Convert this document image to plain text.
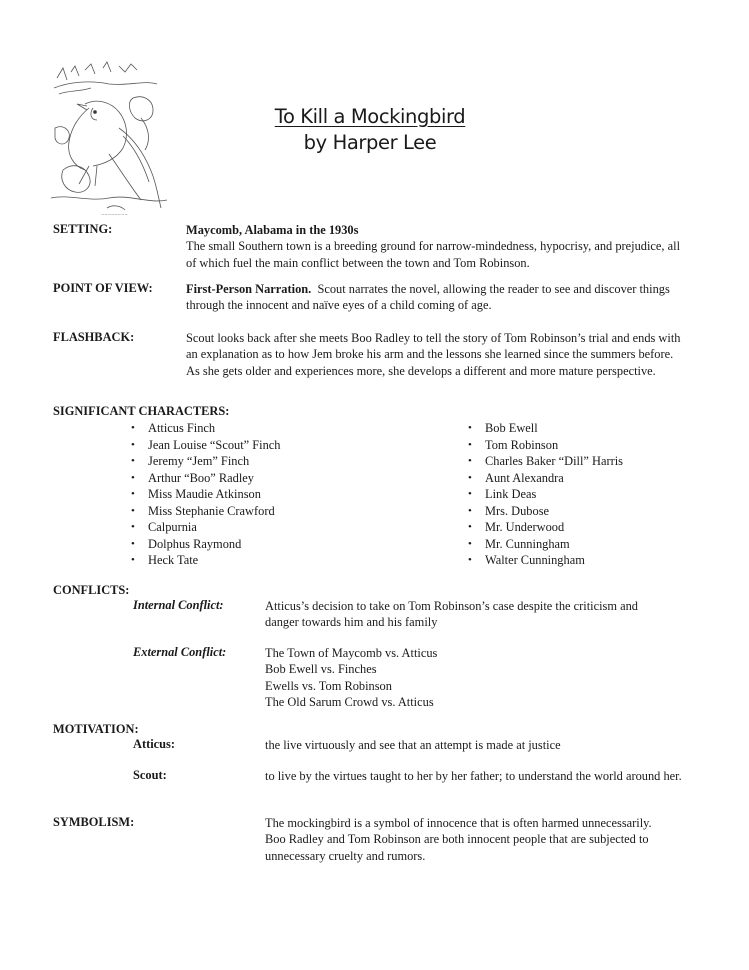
~~~~~~~~
To Kill a Mockingbird
by Harper Lee
SETTING:	Maycomb, Alabama in the 1930s
The small Southern town is a breeding ground for narrow-mindedness, hypocrisy, and prejudice, all of which fuel the main conflict between the town and Tom Robinson.
POINT OF VIEW:	First-Person Narration. Scout narrates the novel, allowing the reader to see and discover things through the innocent and naïve eyes of a child coming of age.
FLASHBACK:	Scout looks back after she meets Boo Radley to tell the story of Tom Robinson’s trial and ends with an explanation as to how Jem broke his arm and the lessons she learned since the summers before.  As she gets older and experiences more, she develops a different and more mature perspective.
SIGNIFICANT CHARACTERS:
• Atticus Finch
• Jean Louise “Scout” Finch
• Jeremy “Jem” Finch
• Arthur “Boo” Radley
• Miss Maudie Atkinson
• Miss Stephanie Crawford
• Calpurnia
• Dolphus Raymond
• Heck Tate
• Bob Ewell
• Tom Robinson
• Charles Baker “Dill” Harris
• Aunt Alexandra
• Link Deas
• Mrs. Dubose
• Mr. Underwood
• Mr. Cunningham
• Walter Cunningham
CONFLICTS:
Internal Conflict:	Atticus’s decision to take on Tom Robinson’s case despite the criticism and danger towards him and his family
External Conflict:	The Town of Maycomb vs. Atticus
Bob Ewell vs. Finches
Ewells vs. Tom Robinson
The Old Sarum Crowd vs. Atticus
MOTIVATION:
Atticus:	the live virtuously and see that an attempt is made at justice
Scout:	to live by the virtues taught to her by her father; to understand the world around her.
SYMBOLISM:	The mockingbird is a symbol of innocence that is often harmed unnecessarily. Boo Radley and Tom Robinson are both innocent people that are subjected to unnecessary cruelty and rumors.
